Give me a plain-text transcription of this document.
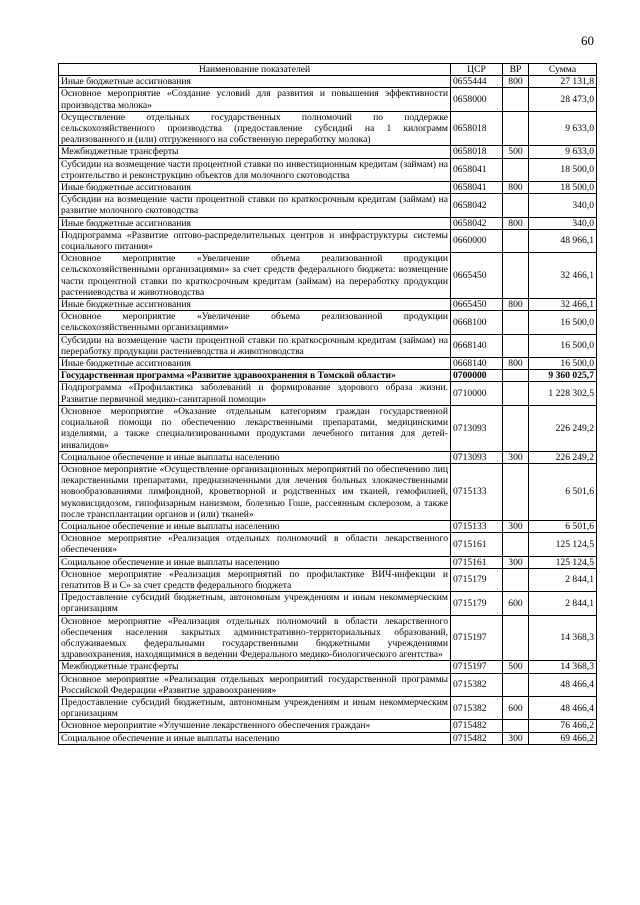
60
Наименование показателей	ЦСР	ВР	Сумма
Иные бюджетные ассигнования	0655444	800	27 131,8
Основное мероприятие «Создание условий для развития и повышения эффективности производства молока»	0658000		28 473,0
Осуществление отдельных государственных полномочий по поддержке сельскохозяйственного производства (предоставление субсидий на 1 килограмм реализованного и (или) отгруженного на собственную переработку молока)	0658018		9 633,0
Межбюджетные трансферты	0658018	500	9 633,0
Субсидии на возмещение части процентной ставки по инвестиционным кредитам (займам) на строительство и реконструкцию объектов для молочного скотоводства	0658041		18 500,0
Иные бюджетные ассигнования	0658041	800	18 500,0
Субсидии на возмещение части процентной ставки по краткосрочным кредитам (займам) на развитие молочного скотоводства	0658042		340,0
Иные бюджетные ассигнования	0658042	800	340,0
Подпрограмма «Развитие оптово-распределительных центров и инфраструктуры системы социального питания»	0660000		48 966,1
Основное мероприятие «Увеличение объема реализованной продукции сельскохозяйственными организациями» за счет средств федерального бюджета: возмещение части процентной ставки по краткосрочным кредитам (займам) на переработку продукции растениеводства и животноводства	0665450		32 466,1
Иные бюджетные ассигнования	0665450	800	32 466,1
Основное мероприятие «Увеличение объема реализованной продукции сельскохозяйственными организациями»	0668100		16 500,0
Субсидии на возмещение части процентной ставки по краткосрочным кредитам (займам) на переработку продукции растениеводства и животноводства	0668140		16 500,0
Иные бюджетные ассигнования	0668140	800	16 500,0
Государственная программа «Развитие здравоохранения в Томской области»	0700000		9 360 025,7
Подпрограмма «Профилактика заболеваний и формирование здорового образа жизни. Развитие первичной медико-санитарной помощи»	0710000		1 228 302,5
Основное мероприятие «Оказание отдельным категориям граждан государственной социальной помощи по обеспечению лекарственными препаратами, медицинскими изделиями, а также специализированными продуктами лечебного питания для детей-инвалидов»	0713093		226 249,2
Социальное обеспечение и иные выплаты населению	0713093	300	226 249,2
Основное мероприятие «Осуществление организационных мероприятий по обеспечению лиц лекарственными препаратами, предназначенными для лечения больных злокачественными новообразованиями лимфоидной, кроветворной и родственных им тканей, гемофилией, муковисцидозом, гипофизарным нанизмом, болезнью Гоше, рассеянным склерозом, а также после трансплантации органов и (или) тканей»	0715133		6 501,6
Социальное обеспечение и иные выплаты населению	0715133	300	6 501,6
Основное мероприятие «Реализация отдельных полномочий в области лекарственного обеспечения»	0715161		125 124,5
Социальное обеспечение и иные выплаты населению	0715161	300	125 124,5
Основное мероприятие «Реализация мероприятий по профилактике ВИЧ-инфекции и гепатитов В и С» за счет средств федерального бюджета	0715179		2 844,1
Предоставление субсидий бюджетным, автономным учреждениям и иным некоммерческим организациям	0715179	600	2 844,1
Основное мероприятие «Реализация отдельных полномочий в области лекарственного обеспечения населения закрытых административно-территориальных образований, обслуживаемых федеральными государственными бюджетными учреждениями здравоохранения, находящимися в ведении Федерального медико-биологического агентства»	0715197		14 368,3
Межбюджетные трансферты	0715197	500	14 368,3
Основное мероприятие «Реализация отдельных мероприятий государственной программы Российской Федерации «Развитие здравоохранения»	0715382		48 466,4
Предоставление субсидий бюджетным, автономным учреждениям и иным некоммерческим организациям	0715382	600	48 466,4
Основное мероприятие «Улучшение лекарственного обеспечения граждан»	0715482		76 466,2
Социальное обеспечение и иные выплаты населению	0715482	300	69 466,2
